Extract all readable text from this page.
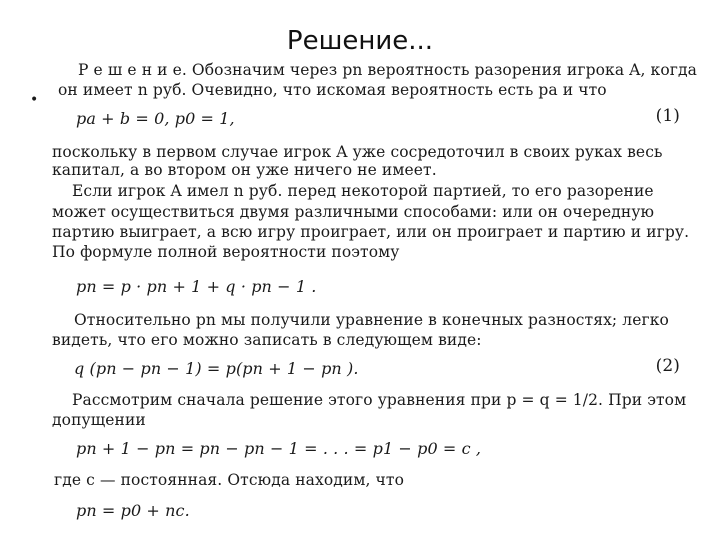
Решение...
•
Р е ш е н и е. Обозначим через pn вероятность разорения игрока A, когда
он имеет n руб. Очевидно, что искомая вероятность есть pa и что
pa + b = 0, p0 = 1,	(1)
поскольку в первом случае игрок A уже сосредоточил в своих руках весь
капитал, а во втором он уже ничего не имеет.
Если игрок A имел n руб. перед некоторой партией, то его разорение
может осуществиться двумя различными способами: или он очередную
партию выиграет, а всю игру проиграет, или он проиграет и партию и игру.
По формуле полной вероятности поэтому
pn = p · pn + 1 + q · pn − 1 .
Относительно pn мы получили уравнение в конечных разностях; легко
видеть, что его можно записать в следующем виде:
q (pn − pn − 1) = p(pn + 1 − pn ).	(2)
Рассмотрим сначала решение этого уравнения при p = q = 1/2. При этом
допущении
pn + 1 − pn = pn − pn − 1 = . . . = p1 − p0 = c ,
где c — постоянная. Отсюда находим, что
pn = p0 + nc.
